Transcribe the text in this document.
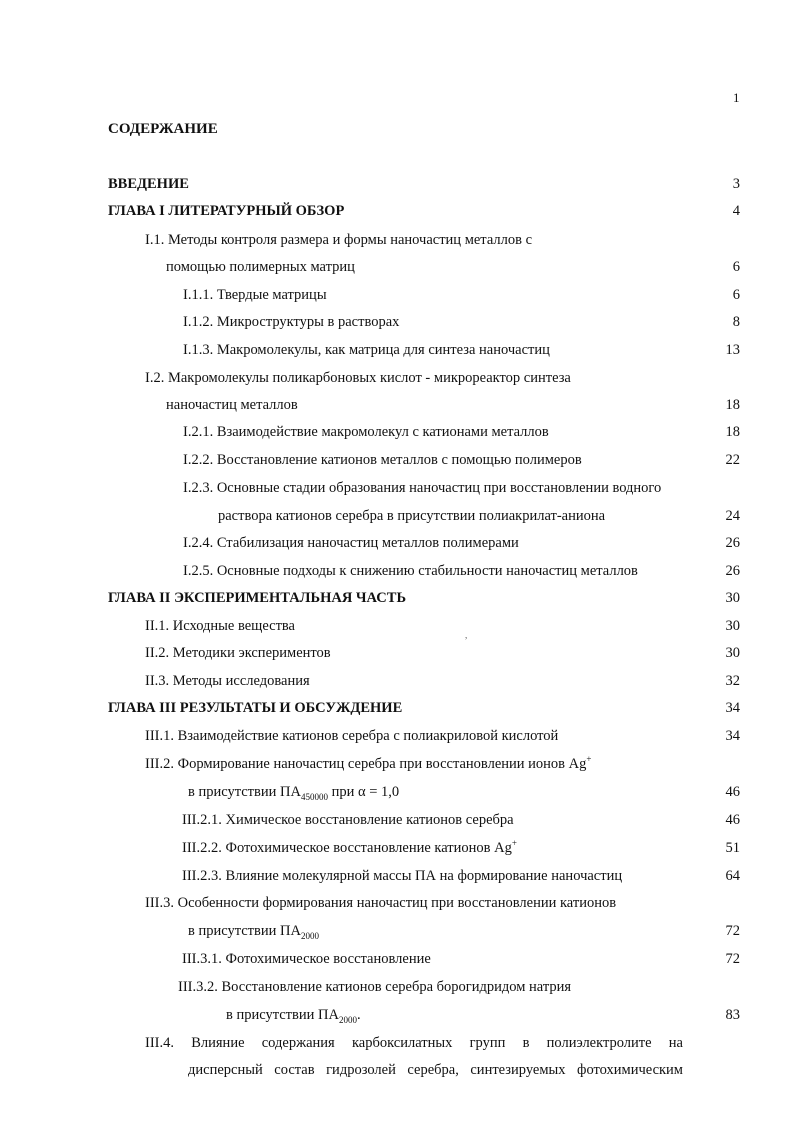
1
СОДЕРЖАНИЕ
ВВЕДЕНИЕ	3
ГЛАВА I ЛИТЕРАТУРНЫЙ ОБЗОР	4
I.1. Методы контроля размера и формы наночастиц металлов с
помощью полимерных матриц	6
I.1.1. Твердые матрицы	6
I.1.2. Микроструктуры в растворах	8
I.1.3. Макромолекулы, как матрица для синтеза наночастиц	13
I.2. Макромолекулы поликарбоновых кислот - микрореактор синтеза
наночастиц металлов	18
I.2.1. Взаимодействие макромолекул с катионами металлов	18
I.2.2. Восстановление катионов металлов с помощью полимеров	22
I.2.3. Основные стадии образования наночастиц при восстановлении водного
раствора катионов серебра в присутствии полиакрилат-аниона	24
I.2.4. Стабилизация наночастиц металлов полимерами	26
I.2.5. Основные подходы к снижению стабильности наночастиц металлов	26
ГЛАВА II ЭКСПЕРИМЕНТАЛЬНАЯ ЧАСТЬ	30
II.1. Исходные вещества	30
,
II.2. Методики экспериментов	30
II.3. Методы исследования	32
ГЛАВА III РЕЗУЛЬТАТЫ И ОБСУЖДЕНИЕ	34
III.1. Взаимодействие катионов серебра с полиакриловой кислотой	34
III.2. Формирование наночастиц серебра при восстановлении ионов Ag+
в присутствии $ПА_{450000}$ при α = 1,0	46
III.2.1. Химическое восстановление катионов серебра	46
III.2.2. Фотохимическое восстановление катионов Ag+	51
III.2.3. Влияние молекулярной массы ПА на формирование наночастиц	64
III.3. Особенности формирования наночастиц при восстановлении катионов
в присутствии $ПА_{2000}$	72
III.3.1. Фотохимическое восстановление	72
III.3.2. Восстановление катионов серебра борогидридом натрия
в присутствии $ПА_{2000}$.	83
III.4. Влияние содержания карбоксилатных групп в полиэлектролите на
дисперсный состав гидрозолей серебра, синтезируемых фотохимическим
